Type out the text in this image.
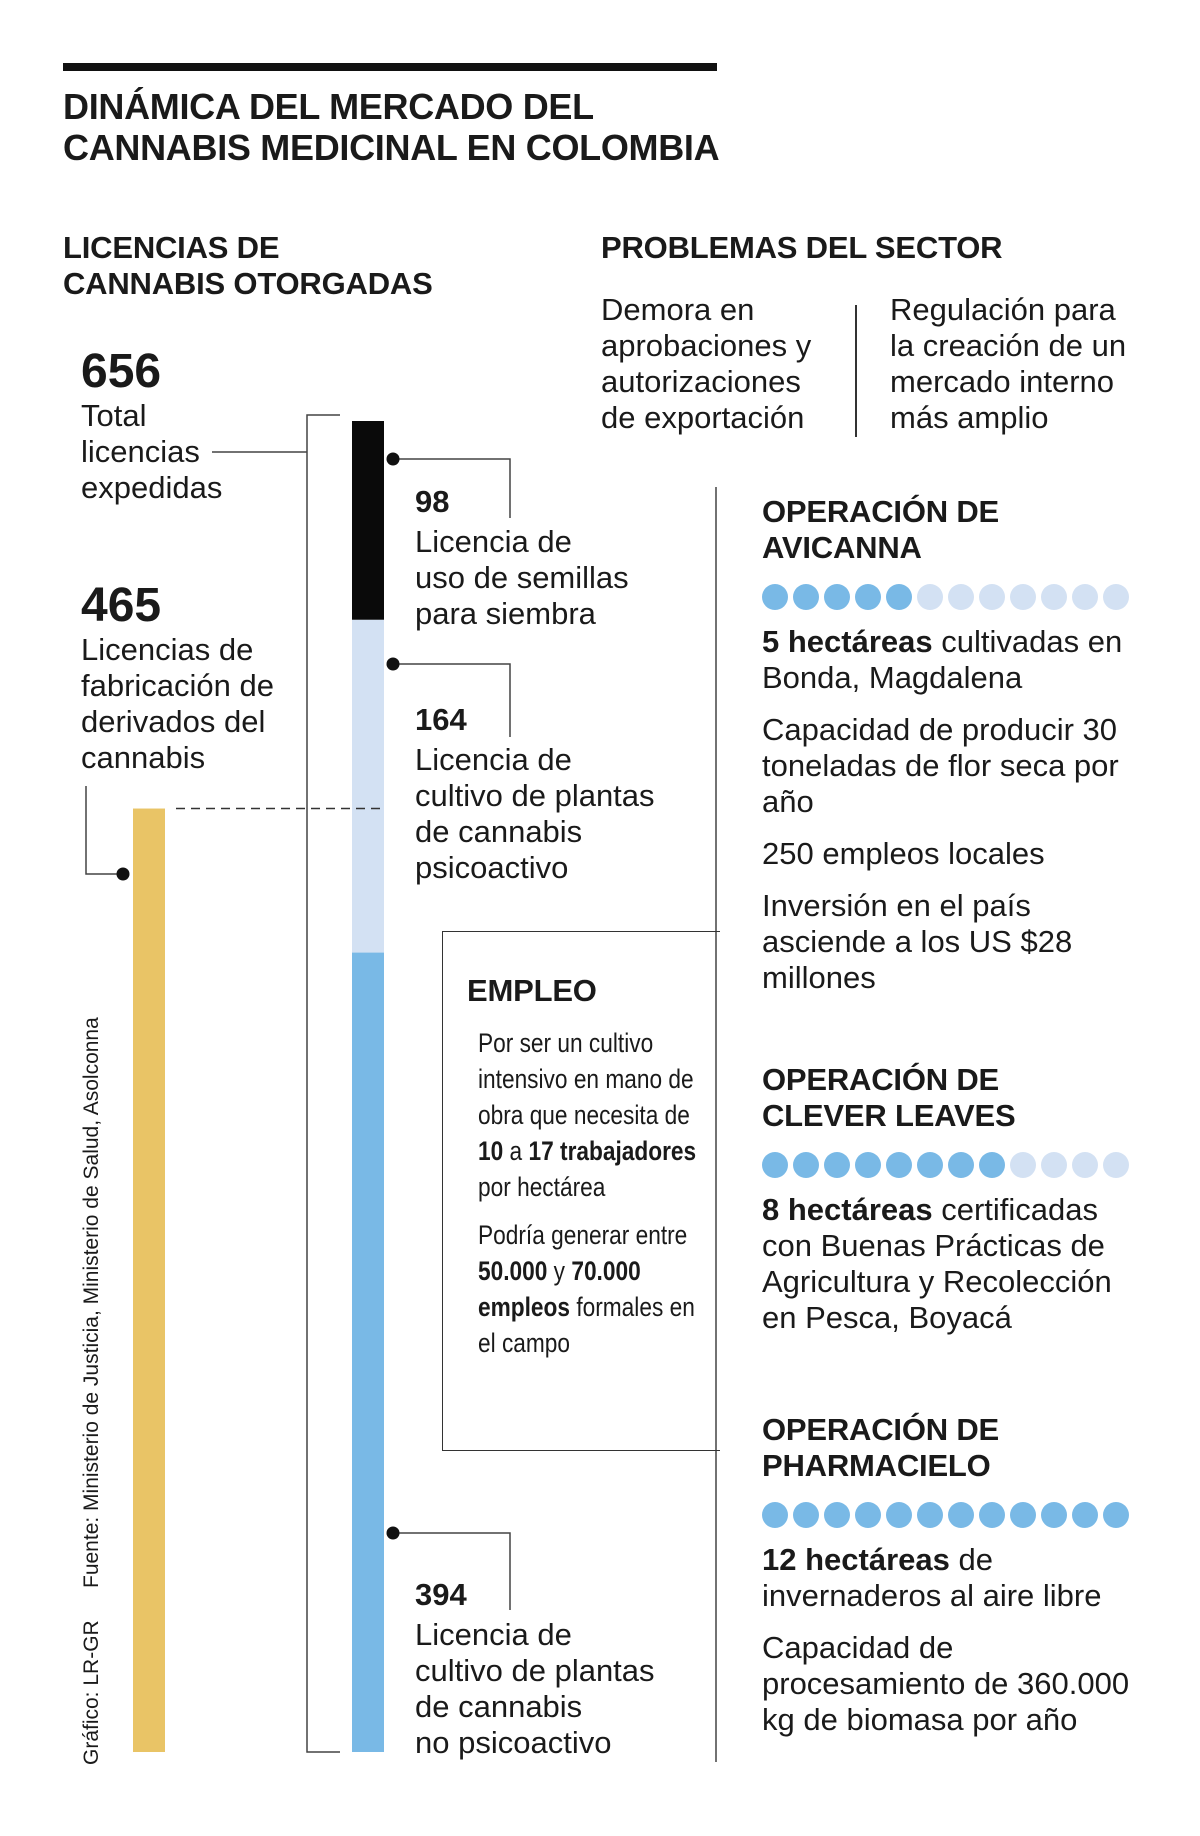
DINÁMICA DEL MERCADO DEL
CANNABIS MEDICINAL EN COLOMBIA
LICENCIAS DE
CANNABIS OTORGADAS
656
Total
licencias
expedidas
465
Licencias de
fabricación de
derivados del
cannabis
98
Licencia de
uso de semillas
para siembra
164
Licencia de
cultivo de plantas
de cannabis
psicoactivo
394
Licencia de
cultivo de plantas
de cannabis
no psicoactivo
PROBLEMAS DEL SECTOR
Demora en
aprobaciones y
autorizaciones
de exportación
Regulación para
la creación de un
mercado interno
más amplio
EMPLEO
Por ser un cultivo intensivo en mano de obra que necesita de 10 a 17 trabajadores por hectárea
Podría generar entre 50.000 y 70.000 empleos formales en el campo
OPERACIÓN DE
AVICANNA
5 hectáreas cultivadas en Bonda, Magdalena
Capacidad de producir 30 toneladas de flor seca por año
250 empleos locales
Inversión en el país asciende a los US $28 millones
OPERACIÓN DE
CLEVER LEAVES
8 hectáreas certificadas con Buenas Prácticas de Agricultura y Recolección en Pesca, Boyacá
OPERACIÓN DE
PHARMACIELO
12 hectáreas de invernaderos al aire libre
Capacidad de procesamiento de 360.000 kg de biomasa por año
Fuente: Ministerio de Justicia, Ministerio de Salud, Asolconna
Gráfico: LR-GR
